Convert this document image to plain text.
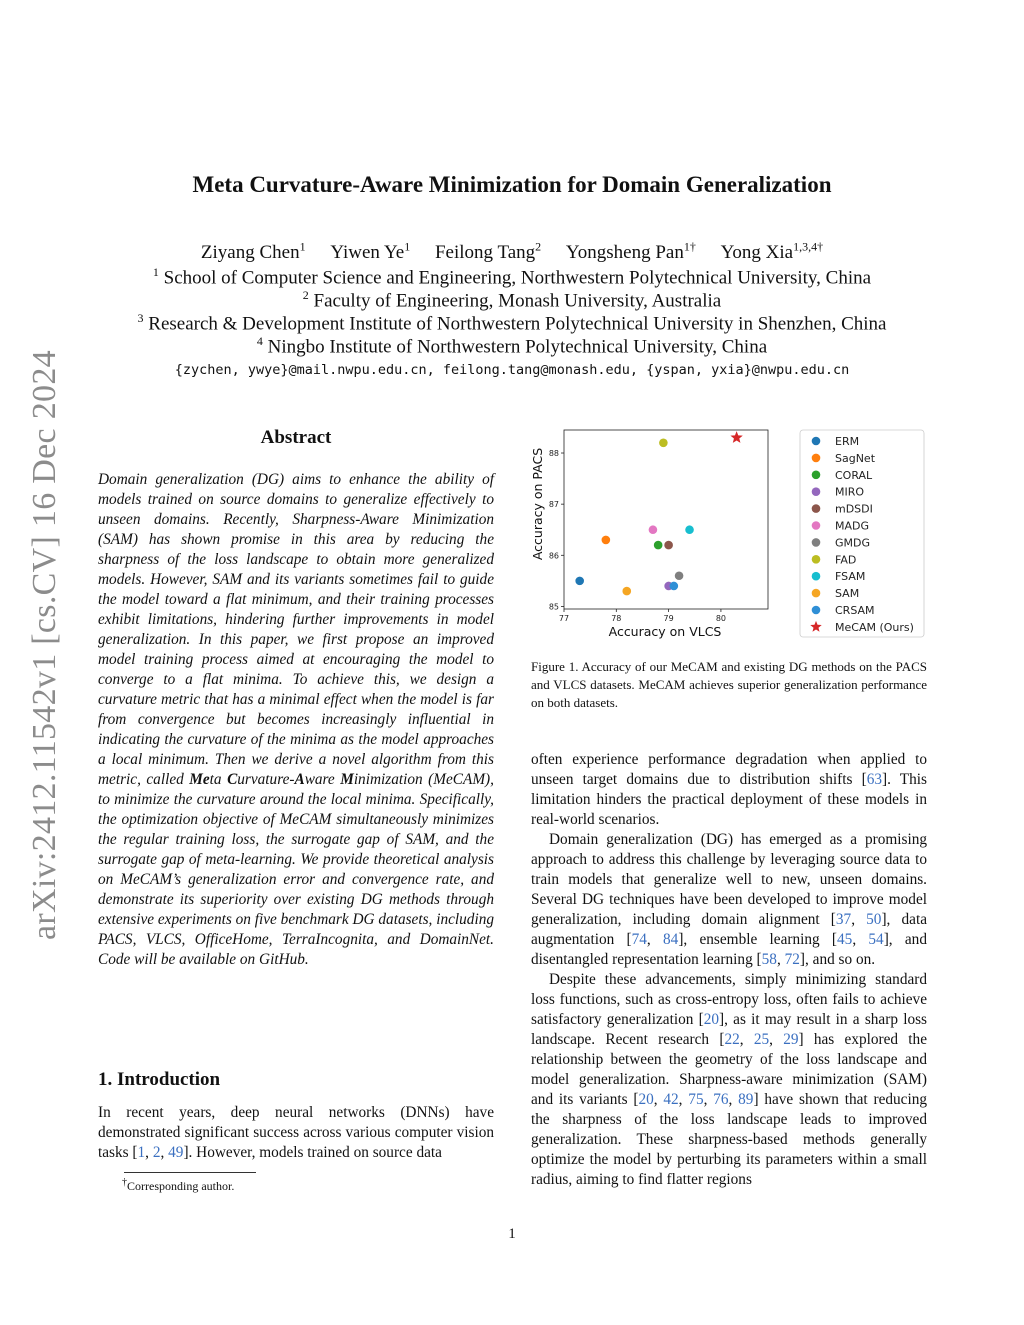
arXiv:2412.11542v1 [cs.CV] 16 Dec 2024
Meta Curvature-Aware Minimization for Domain Generalization
Ziyang Chen$^1$ Yiwen Ye$^1$ Feilong Tang$^2$ Yongsheng Pan$^{1\dagger}$ Yong Xia$^{1,3,4\dagger}$
$^1$ School of Computer Science and Engineering, Northwestern Polytechnical University, China
$^2$ Faculty of Engineering, Monash University, Australia
$^3$ Research & Development Institute of Northwestern Polytechnical University in Shenzhen, China
$^4$ Ningbo Institute of Northwestern Polytechnical University, China
{zychen, ywye}@mail.nwpu.edu.cn, feilong.tang@monash.edu, {yspan, yxia}@nwpu.edu.cn
Abstract
Domain generalization (DG) aims to enhance the ability of models trained on source domains to generalize effectively to unseen domains. Recently, Sharpness-Aware Minimization (SAM) has shown promise in this area by reducing the sharpness of the loss landscape to obtain more generalized models. However, SAM and its variants sometimes fail to guide the model toward a flat minimum, and their training processes exhibit limitations, hindering further improvements in model generalization. In this paper, we first propose an improved model training process aimed at encouraging the model to converge to a flat minima. To achieve this, we design a curvature metric that has a minimal effect when the model is far from convergence but becomes increasingly influential in indicating the curvature of the minima as the model approaches a local minimum. Then we derive a novel algorithm from this metric, called Meta Curvature-Aware Minimization (MeCAM), to minimize the curvature around the local minima. Specifically, the optimization objective of MeCAM simultaneously minimizes the regular training loss, the surrogate gap of SAM, and the surrogate gap of meta-learning. We provide theoretical analysis on MeCAM’s generalization error and convergence rate, and demonstrate its superiority over existing DG methods through extensive experiments on five benchmark DG datasets, including PACS, VLCS, OfficeHome, TerraIncognita, and DomainNet. Code will be available on GitHub.
1. Introduction
In recent years, deep neural networks (DNNs) have demonstrated significant success across various computer vision tasks [1, 2, 49]. However, models trained on source data
†Corresponding author.
77	78	79	80
85
86
87
88
Accuracy on VLCS
Accuracy on PACS
ERM
SagNet
CORAL
MIRO
mDSDI
MADG
GMDG
FAD
FSAM
SAM
CRSAM
MeCAM (Ours)
Figure 1. Accuracy of our MeCAM and existing DG methods on the PACS and VLCS datasets. MeCAM achieves superior generalization performance on both datasets.

often experience performance degradation when applied to unseen target domains due to distribution shifts [63]. This limitation hinders the practical deployment of these models in real-world scenarios.

Domain generalization (DG) has emerged as a promising approach to address this challenge by leveraging source data to train models that generalize well to new, unseen domains. Several DG techniques have been developed to improve model generalization, including domain alignment [37, 50], data augmentation [74, 84], ensemble learning [45, 54], and disentangled representation learning [58, 72], and so on.

Despite these advancements, simply minimizing standard loss functions, such as cross-entropy loss, often fails to achieve satisfactory generalization [20], as it may result in a sharp loss landscape. Recent research [22, 25, 29] has explored the relationship between the geometry of the loss landscape and model generalization. Sharpness-aware minimization (SAM) and its variants [20, 42, 75, 76, 89] have shown that reducing the sharpness of the loss landscape leads to improved generalization. These sharpness-based methods generally optimize the model by perturbing its parameters within a small radius, aiming to find flatter regions

1
